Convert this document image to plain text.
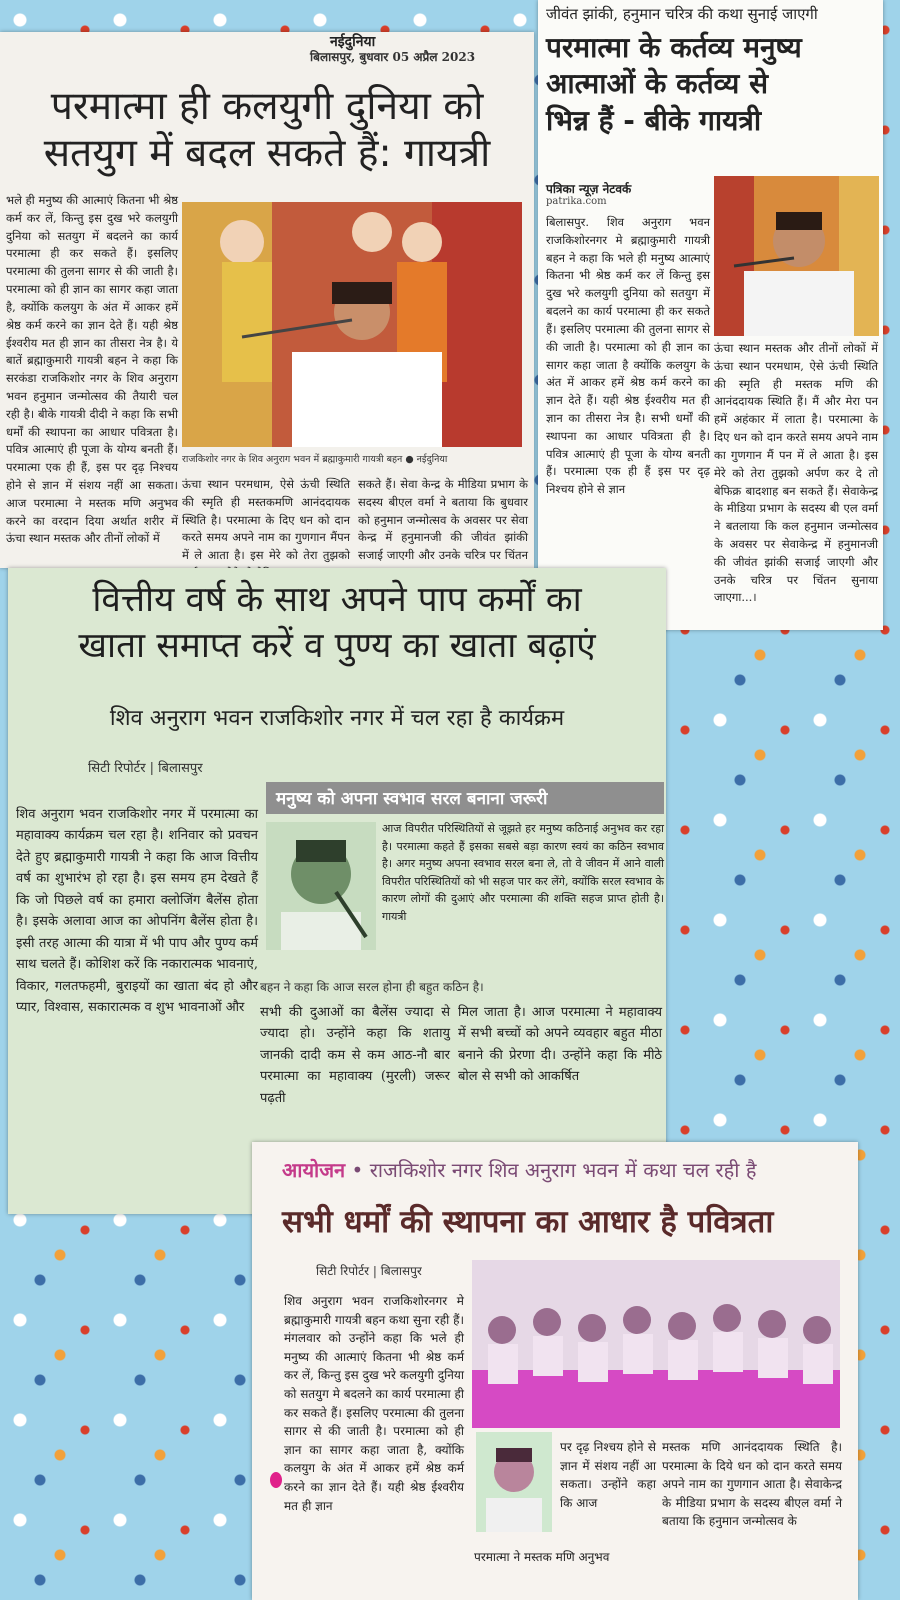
नईदुनिया
बिलासपुर, बुधवार 05 अप्रैल 2023
परमात्मा ही कलयुगी दुनिया को
सतयुग में बदल सकते हैं: गायत्री

भले ही मनुष्य की आत्माएं कितना भी श्रेष्ठ कर्म कर लें, किन्तु इस दुख भरे कलयुगी दुनिया को सतयुग में बदलने का कार्य परमात्मा ही कर सकते हैं। इसलिए परमात्मा की तुलना सागर से की जाती है। परमात्मा को ही ज्ञान का सागर कहा जाता है, क्योंकि कलयुग के अंत में आकर हमें श्रेष्ठ कर्म करने का ज्ञान देते हैं। यही श्रेष्ठ ईश्वरीय मत ही ज्ञान का तीसरा नेत्र है। ये बातें ब्रह्माकुमारी गायत्री बहन ने कहा कि सरकंडा राजकिशोर नगर के शिव अनुराग भवन हनुमान जन्मोत्सव की तैयारी चल रही है। बीके गायत्री दीदी ने कहा कि सभी धर्मों की स्थापना का आधार पवित्रता है। पवित्र आत्माएं ही पूजा के योग्य बनती हैं। परमात्मा एक ही हैं, इस पर दृढ़ निश्चय होने से ज्ञान में संशय नहीं आ सकता। आज परमात्मा ने मस्तक मणि अनुभव करने का वरदान दिया अर्थात शरीर में ऊंचा स्थान मस्तक और तीनों लोकों में

राजकिशोर नगर के शिव अनुराग भवन में ब्रह्माकुमारी गायत्री बहन ● नईदुनिया

ऊंचा स्थान परमधाम, ऐसे ऊंची स्थिति की स्मृति ही मस्तकमणि आनंददायक स्थिति है। परमात्मा के दिए धन को दान करते समय अपने नाम का गुणगान मैंपन में ले आता है। इस मेरे को तेरा तुझको

सकते हैं। सेवा केन्द्र के मीडिया प्रभाग के सदस्य बीएल वर्मा ने बताया कि बुधवार को हनुमान जन्मोत्सव के अवसर पर सेवा केन्द्र में हनुमानजी की जीवंत झांकी सजाई जाएगी और उनके चरित्र पर चिंतन

जीवंत झांकी, हनुमान चरित्र की कथा सुनाई जाएगी
परमात्मा के कर्तव्य मनुष्य
आत्माओं के कर्तव्य से
भिन्न हैं - बीके गायत्री
पत्रिका न्यूज़ नेटवर्क
patrika.com

बिलासपुर. शिव अनुराग भवन राजकिशोरनगर मे ब्रह्माकुमारी गायत्री बहन ने कहा कि भले ही मनुष्य आत्माएं कितना भी श्रेष्ठ कर्म कर लें किन्तु इस दुख भरे कलयुगी दुनिया को सतयुग में बदलने का कार्य परमात्मा ही कर सकते हैं। इसलिए परमात्मा की तुलना सागर से की जाती है। परमात्मा को ही ज्ञान का सागर कहा जाता है क्योंकि कलयुग के अंत में आकर हमें श्रेष्ठ कर्म करने का ज्ञान देते हैं। यही श्रेष्ठ ईश्वरीय मत ही ज्ञान का तीसरा नेत्र है। सभी धर्मों की स्थापना का आधार पवित्रता ही है। पवित्र आत्माएं ही पूजा के योग्य बनती हैं। परमात्मा एक ही हैं इस पर दृढ़ निश्चय होने से ज्ञान

ऊंचा स्थान मस्तक और तीनों लोकों में ऊंचा स्थान परमधाम, ऐसे ऊंची स्थिति की स्मृति ही मस्तक मणि की आनंददायक स्थिति हैं। मैं और मेरा पन हमें अहंकार में लाता है। परमात्मा के दिए धन को दान करते समय अपने नाम का गुणगान मैं पन में ले आता है। इस मेरे को तेरा तुझको अर्पण कर दे तो बेफिक्र बादशाह बन सकते हैं। सेवाकेन्द्र के मीडिया प्रभाग के सदस्य बी एल वर्मा ने बतलाया कि कल हनुमान जन्मोत्सव के अवसर पर सेवाकेन्द्र में हनुमानजी की जीवंत झांकी सजाई जाएगी और उनके चरित्र पर चिंतन सुनाया जाएगा...।

वित्तीय वर्ष के साथ अपने पाप कर्मों का
खाता समाप्त करें व पुण्य का खाता बढ़ाएं
शिव अनुराग भवन राजकिशोर नगर में चल रहा है कार्यक्रम
सिटी रिपोर्टर | बिलासपुर
मनुष्य को अपना स्वभाव सरल बनाना जरूरी

शिव अनुराग भवन राजकिशोर नगर में परमात्मा का महावाक्य कार्यक्रम चल रहा है। शनिवार को प्रवचन देते हुए ब्रह्माकुमारी गायत्री ने कहा कि आज वित्तीय वर्ष का शुभारंभ हो रहा है। इस समय हम देखते हैं कि जो पिछले वर्ष का हमारा क्लोजिंग बैलेंस होता है। इसके अलावा आज का ओपनिंग बैलेंस होता है। इसी तरह आत्मा की यात्रा में भी पाप और पुण्य कर्म साथ चलते हैं। कोशिश करें कि नकारात्मक भावनाएं, विकार, गलतफहमी, बुराइयों का खाता बंद हो और प्यार, विश्वास, सकारात्मक व शुभ भावनाओं और

आज विपरीत परिस्थितियों से जूझते हर मनुष्य कठिनाई अनुभव कर रहा है। परमात्मा कहते हैं इसका सबसे बड़ा कारण स्वयं का कठिन स्वभाव है। अगर मनुष्य अपना स्वभाव सरल बना ले, तो वे जीवन में आने वाली विपरीत परिस्थितियों को भी सहज पार कर लेंगे, क्योंकि सरल स्वभाव के कारण लोगों की दुआएं और परमात्मा की शक्ति सहज प्राप्त होती है। गायत्री

बहन ने कहा कि आज सरल होना ही बहुत कठिन है।

सभी की दुआओं का बैलेंस ज्यादा से ज्यादा हो। उन्होंने कहा कि शतायु जानकी दादी कम से कम आठ-नौ बार परमात्मा का महावाक्य (मुरली) जरूर पढ़ती

मिल जाता है। आज परमात्मा ने महावाक्य में सभी बच्चों को अपने व्यवहार बहुत मीठा बनाने की प्रेरणा दी। उन्होंने कहा कि मीठे बोल से सभी को आकर्षित

आयोजन • राजकिशोर नगर शिव अनुराग भवन में कथा चल रही है
सभी धर्मों की स्थापना का आधार है पवित्रता
सिटी रिपोर्टर | बिलासपुर

शिव अनुराग भवन राजकिशोरनगर मे ब्रह्माकुमारी गायत्री बहन कथा सुना रही हैं। मंगलवार को उन्होंने कहा कि भले ही मनुष्य की आत्माएं कितना भी श्रेष्ठ कर्म कर लें, किन्तु इस दुख भरे कलयुगी दुनिया को सतयुग मे बदलने का कार्य परमात्मा ही कर सकते हैं। इसलिए परमात्मा की तुलना सागर से की जाती है। परमात्मा को ही ज्ञान का सागर कहा जाता है, क्योंकि कलयुग के अंत में आकर हमें श्रेष्ठ कर्म करने का ज्ञान देते हैं। यही श्रेष्ठ ईश्वरीय मत ही ज्ञान

पर दृढ़ निश्चय होने से ज्ञान में संशय नहीं आ सकता। उन्होंने कहा कि आज

मस्तक मणि आनंददायक स्थिति है। परमात्मा के दिये धन को दान करते समय अपने नाम का गुणगान आता है। सेवाकेन्द्र के मीडिया प्रभाग के सदस्य बीएल वर्मा ने बताया कि हनुमान जन्मोत्सव के

परमात्मा ने मस्तक मणि अनुभव
